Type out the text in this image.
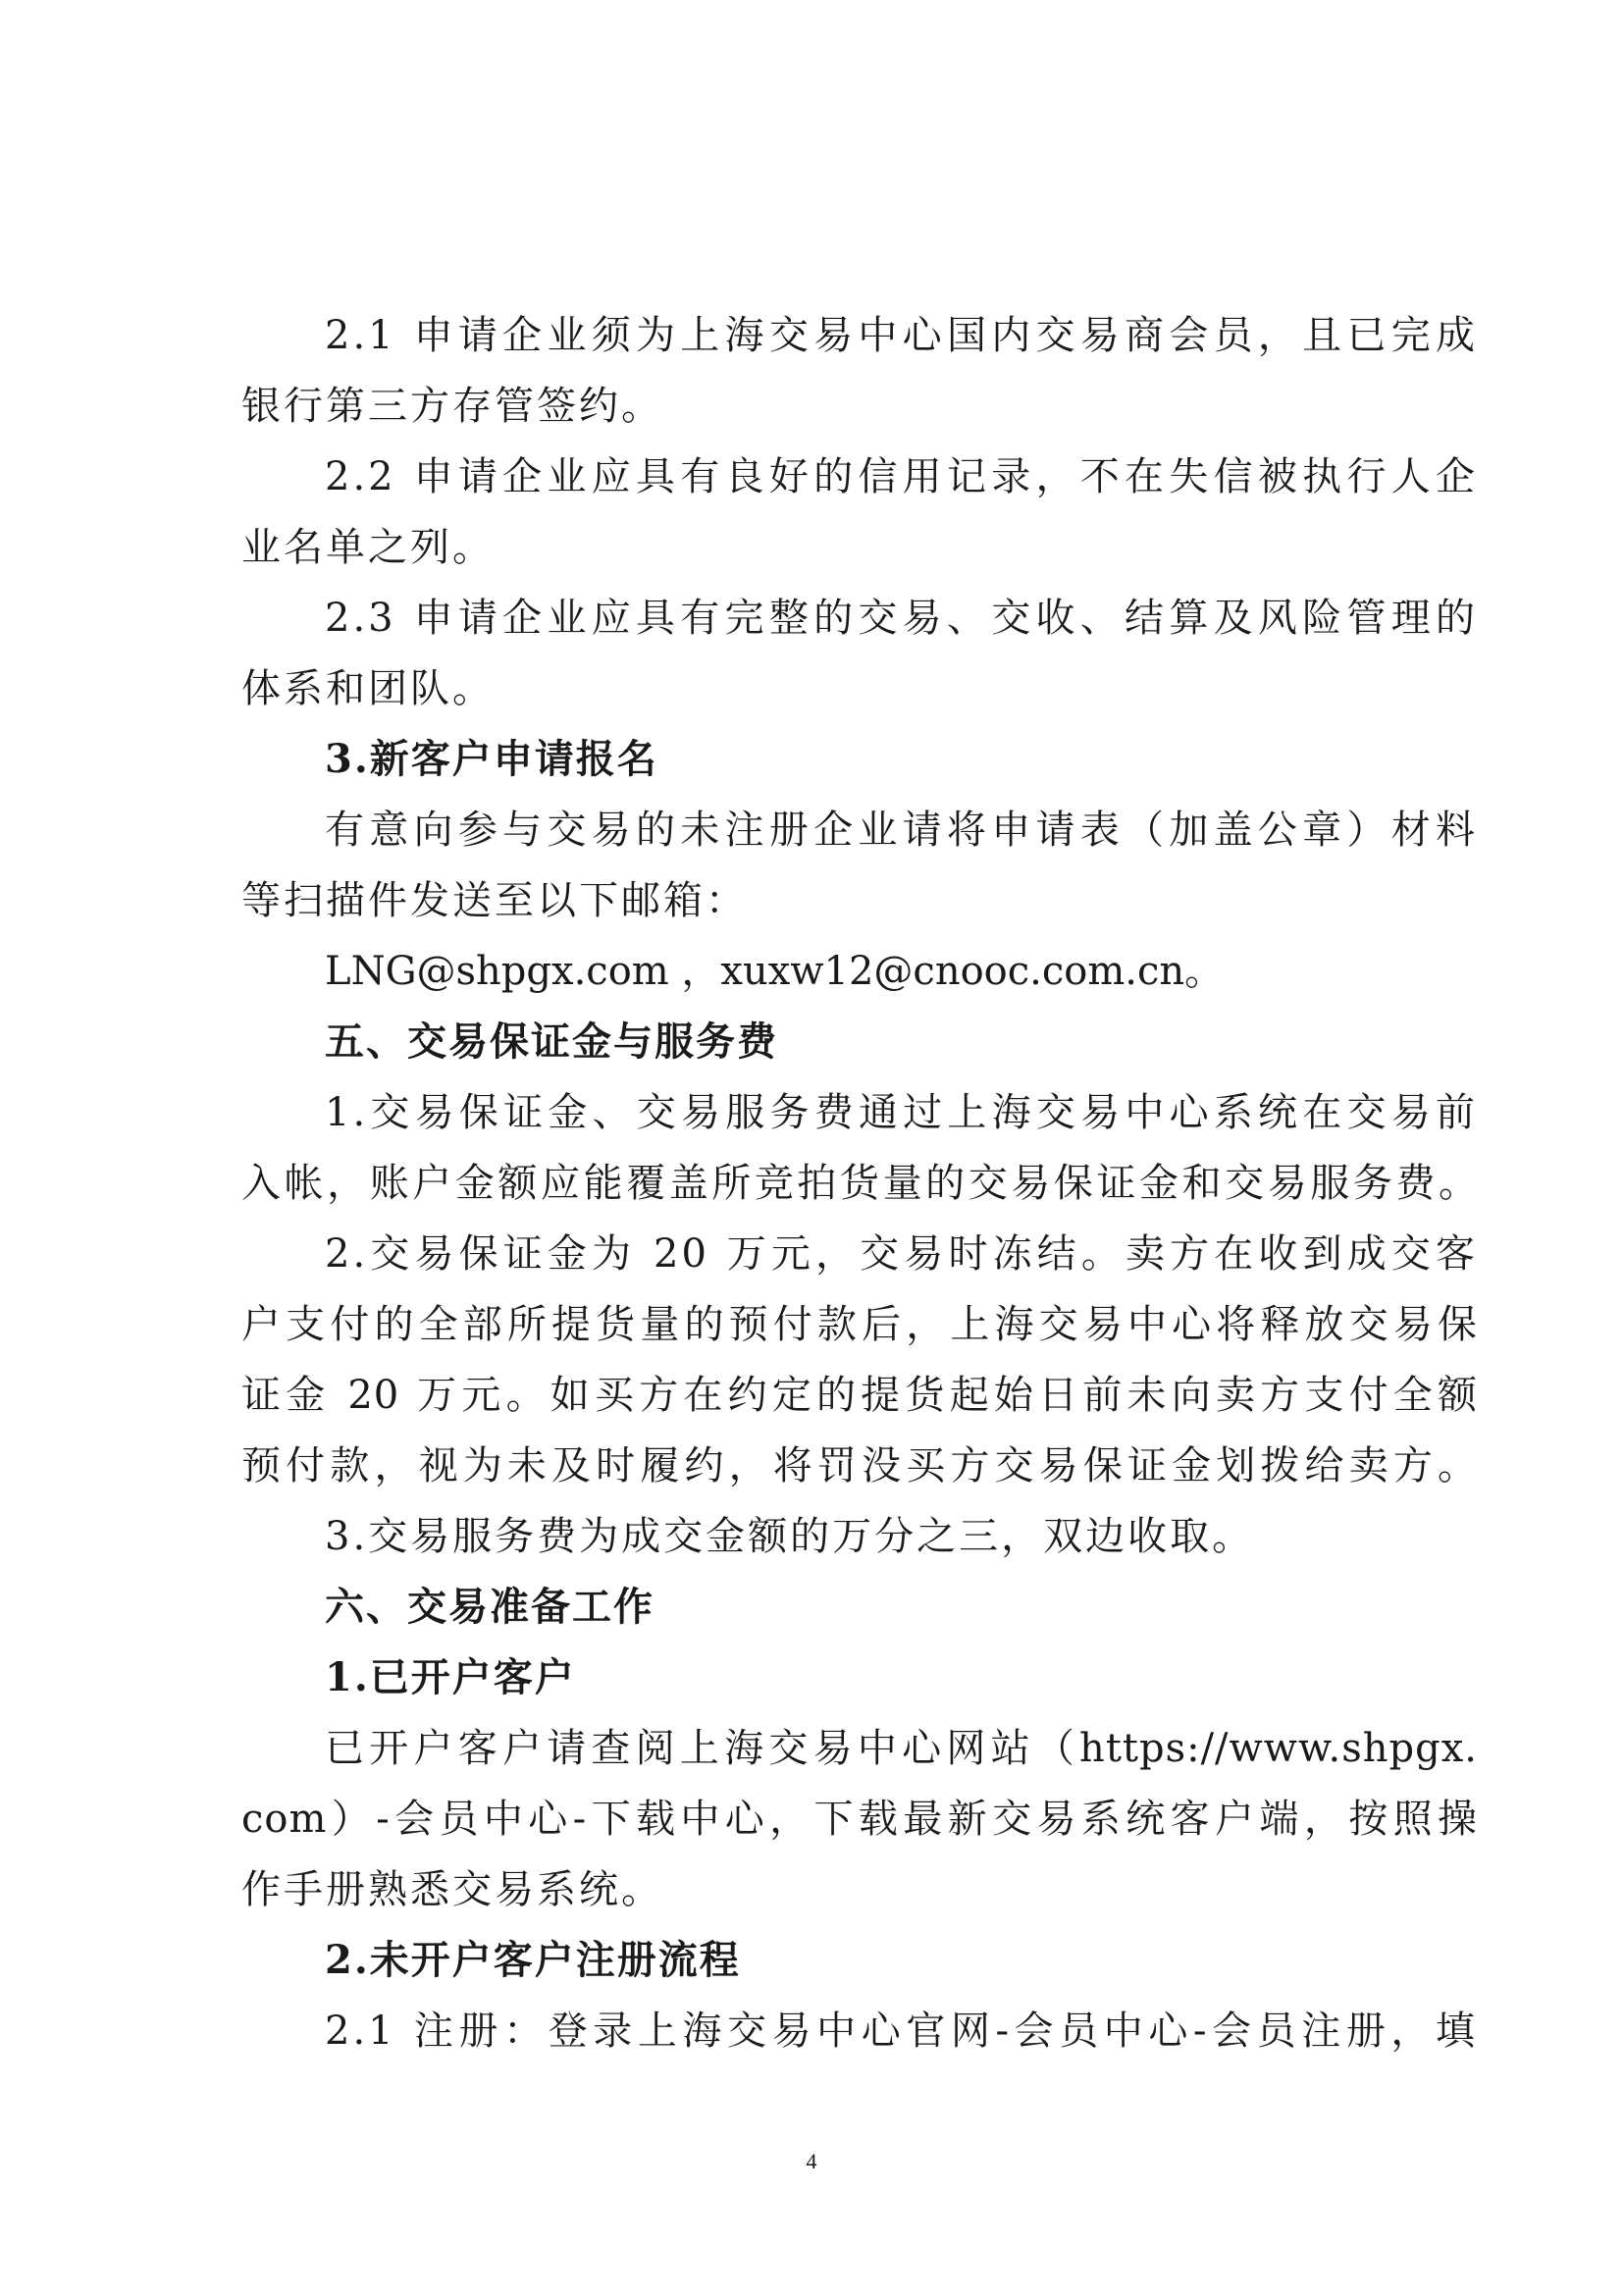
2.1 申请企业须为上海交易中心国内交易商会员，且已完成
银行第三方存管签约。
2.2 申请企业应具有良好的信用记录，不在失信被执行人企
业名单之列。
2.3 申请企业应具有完整的交易、交收、结算及风险管理的
体系和团队。
3.新客户申请报名
有意向参与交易的未注册企业请将申请表（加盖公章）材料
等扫描件发送至以下邮箱：
LNG@shpgx.com ，xuxw12@cnooc.com.cn。
五、交易保证金与服务费
1.交易保证金、交易服务费通过上海交易中心系统在交易前
入帐，账户金额应能覆盖所竞拍货量的交易保证金和交易服务费。
2.交易保证金为 20 万元，交易时冻结。卖方在收到成交客
户支付的全部所提货量的预付款后，上海交易中心将释放交易保
证金 20 万元。如买方在约定的提货起始日前未向卖方支付全额
预付款，视为未及时履约，将罚没买方交易保证金划拨给卖方。
3.交易服务费为成交金额的万分之三，双边收取。
六、交易准备工作
1.已开户客户
已开户客户请查阅上海交易中心网站（https://www.shpgx.
com）-会员中心-下载中心，下载最新交易系统客户端，按照操
作手册熟悉交易系统。
2.未开户客户注册流程
2.1 注册：登录上海交易中心官网-会员中心-会员注册，填
4
